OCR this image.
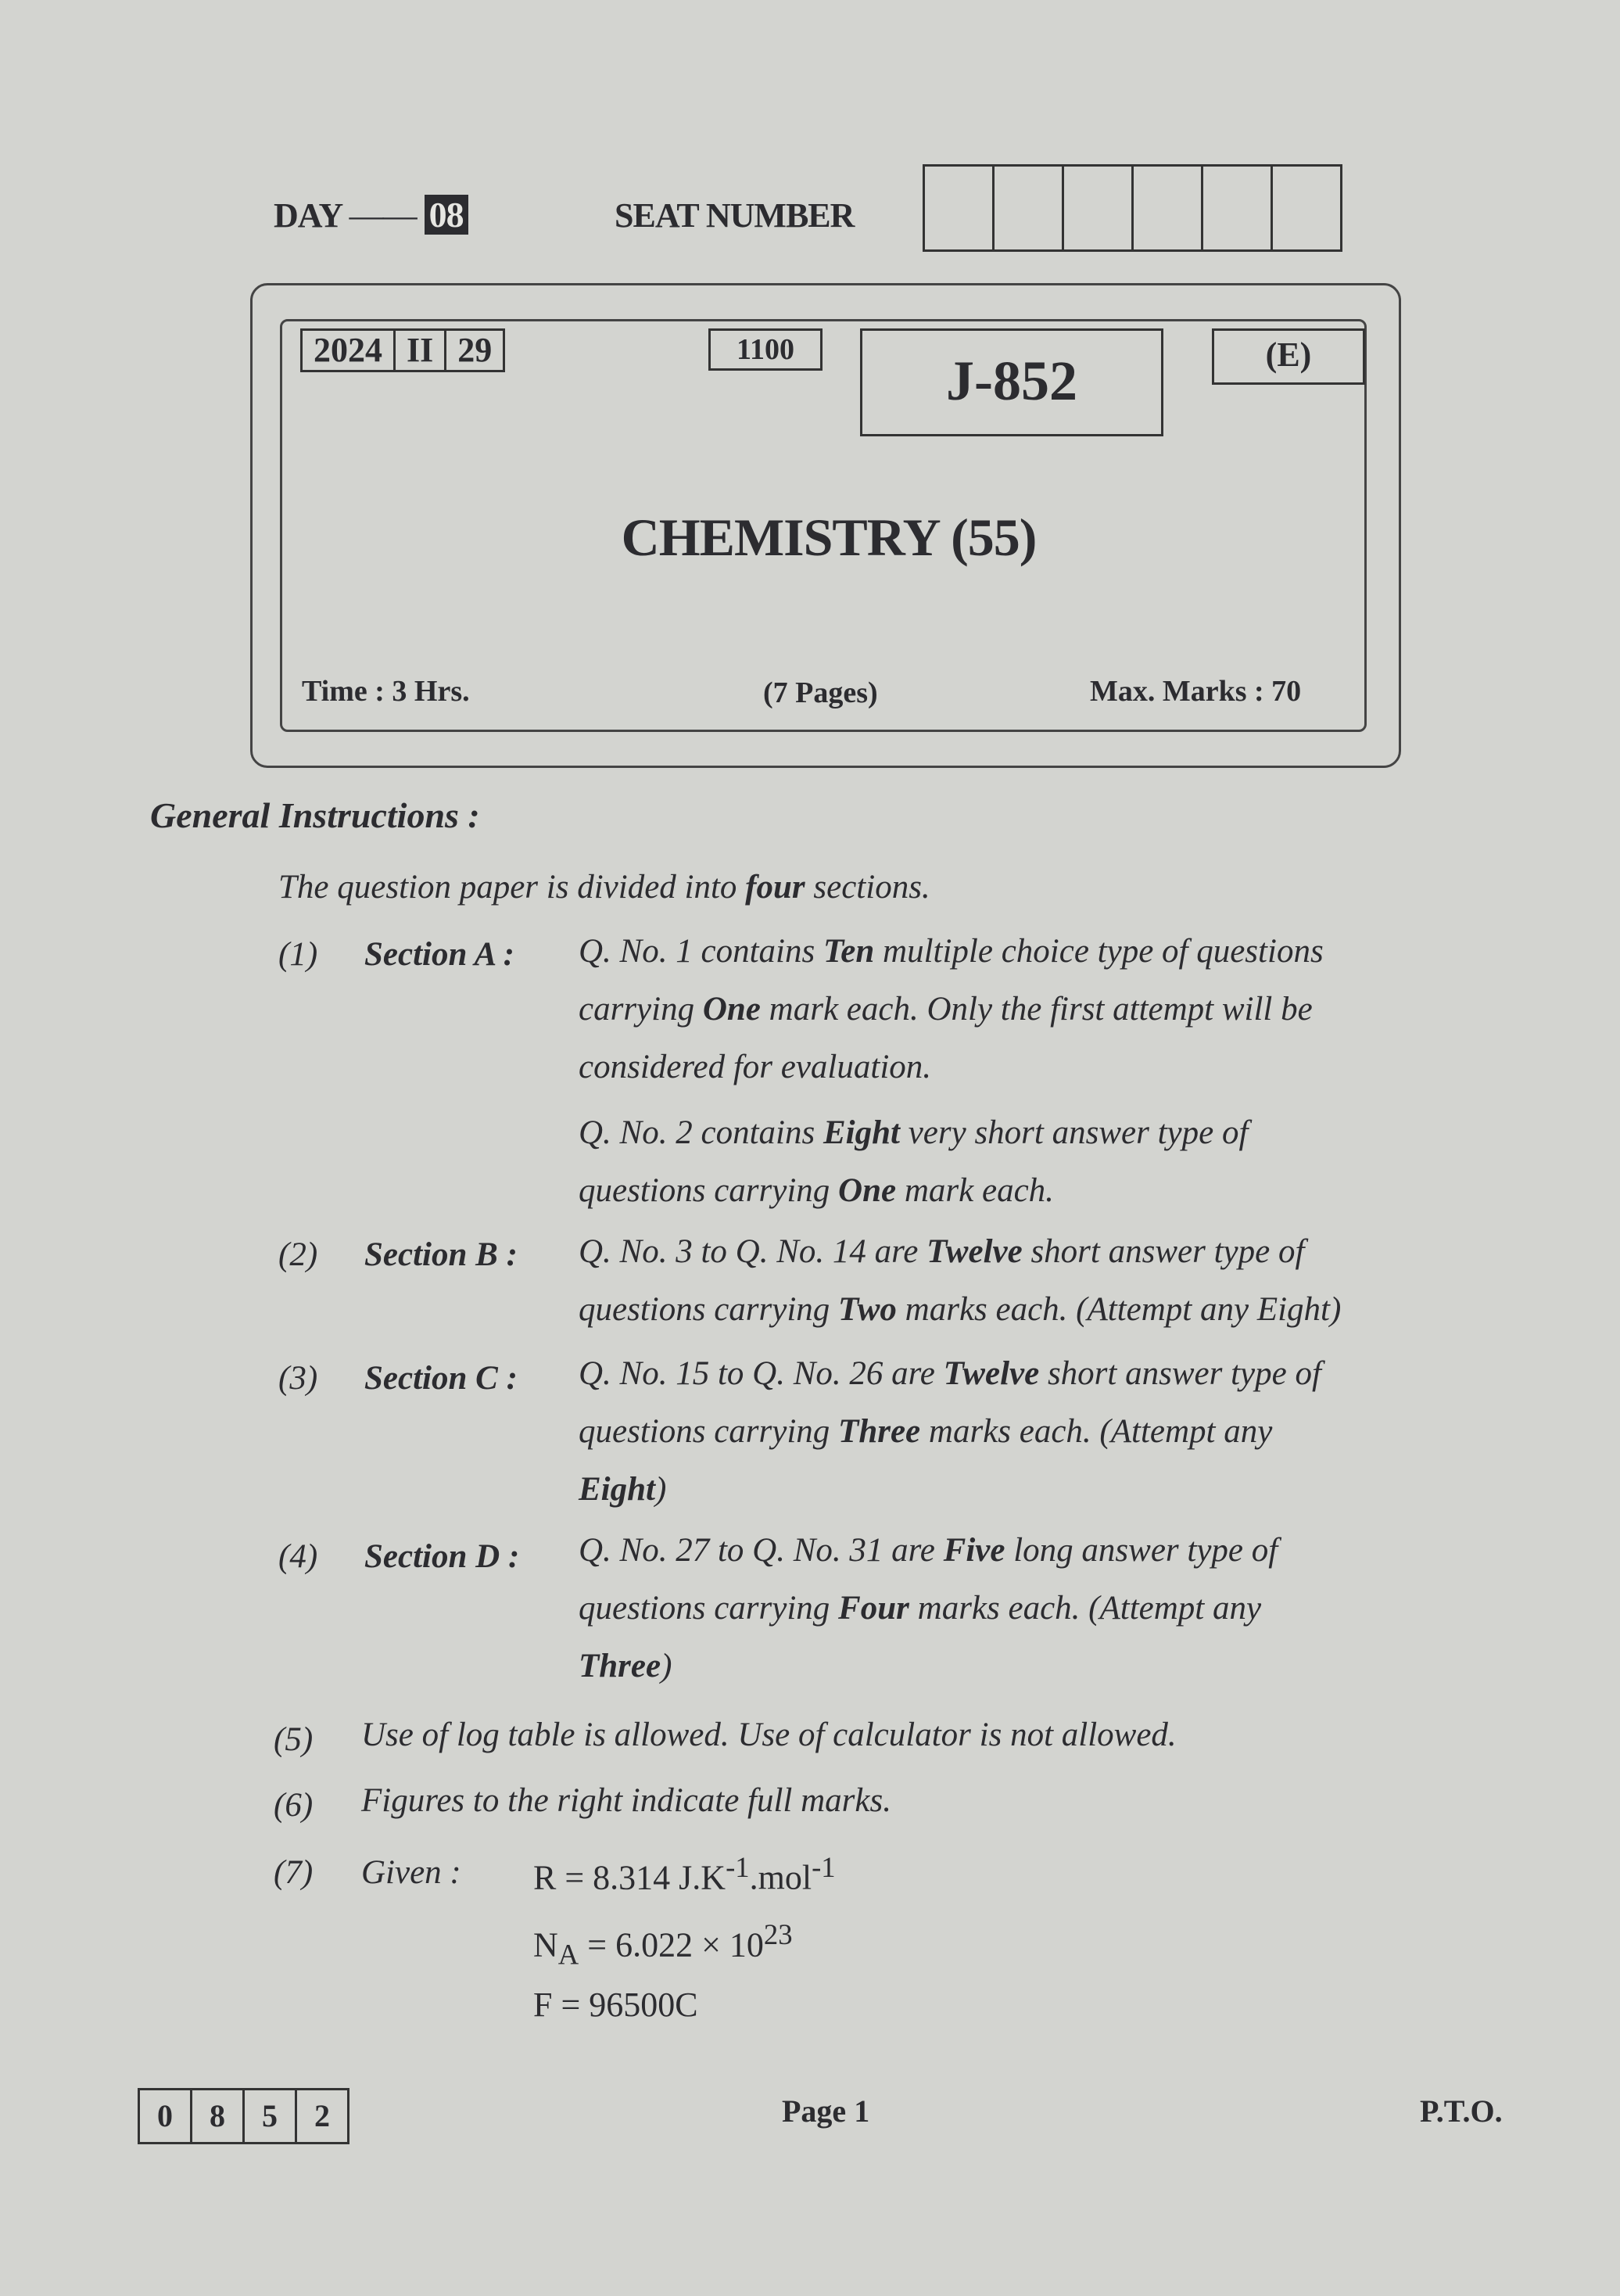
DAY —— 08	SEAT NUMBER
2024 II 29	1100	J-852	(E)
CHEMISTRY (55)
Time : 3 Hrs.	(7 Pages)	Max. Marks : 70
General Instructions :
The question paper is divided into four sections.
(1) Section A : Q. No. 1 contains Ten multiple choice type of questions
carrying One mark each. Only the first attempt will be
considered for evaluation.
Q. No. 2 contains Eight very short answer type of
questions carrying One mark each.
(2) Section B : Q. No. 3 to Q. No. 14 are Twelve short answer type of
questions carrying Two marks each. (Attempt any Eight)
(3) Section C : Q. No. 15 to Q. No. 26 are Twelve short answer type of
questions carrying Three marks each. (Attempt any
Eight)
(4) Section D : Q. No. 27 to Q. No. 31 are Five long answer type of
questions carrying Four marks each. (Attempt any
Three)
(5) Use of log table is allowed. Use of calculator is not allowed.
(6) Figures to the right indicate full marks.
(7) Given : R = 8.314 $J.K^{-1}.mol^{-1}$
$N_A = 6.022 \times 10^{23}$
F = 96500C
0	8	5	2	Page 1	P.T.O.
